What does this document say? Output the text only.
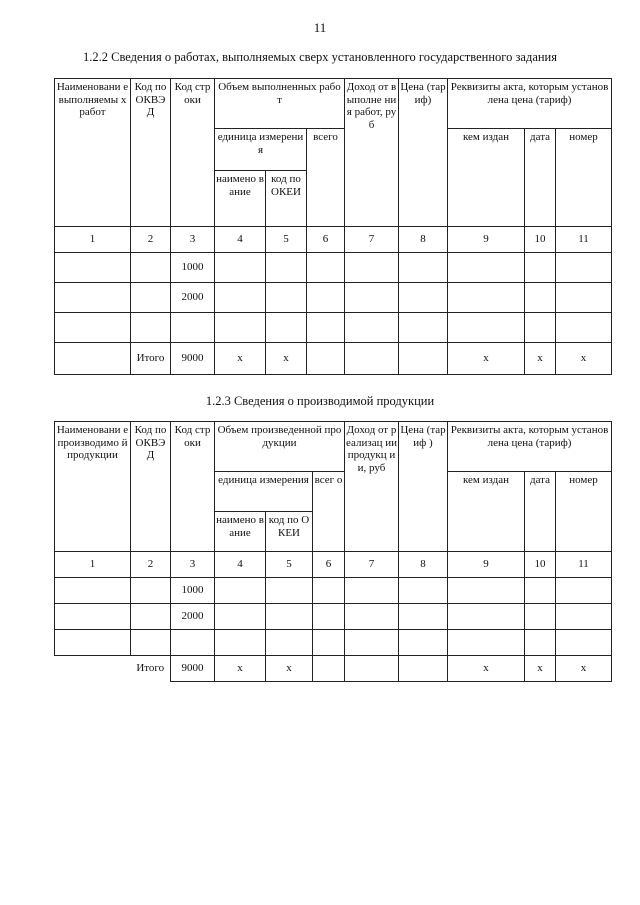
11
1.2.2 Сведения о работах, выполняемых сверх установленного государственного задания
Наименовани е выполняемы х работ	Код по ОКВЭ Д	Код строки	Объем выполненных работ			Доход от выполне ния работ, руб	Цена (тариф)	Реквизиты акта, которым установлена цена (тариф)		
			единица измерения		всего			кем издан	дата	номер
			наимено вание	код по ОКЕИ						
1	2	3	4	5	6	7	8	9	10	11
		1000								
		2000								

	Итого	9000	x	x				x	x	x
1.2.3 Сведения о производимой продукции
Наименовани е производимо й продукции	Код по ОКВЭ Д	Код строки	Объем произведенной продукции			Доход от реализац ии продукц ии, руб	Цена (тариф )	Реквизиты акта, которым установлена цена (тариф)		
			единица измерения		всег о			кем издан	дата	номер
			наимено вание	код по ОКЕИ						
1	2	3	4	5	6	7	8	9	10	11
		1000								
		2000								

	Итого	9000	x	x				x	x	x
